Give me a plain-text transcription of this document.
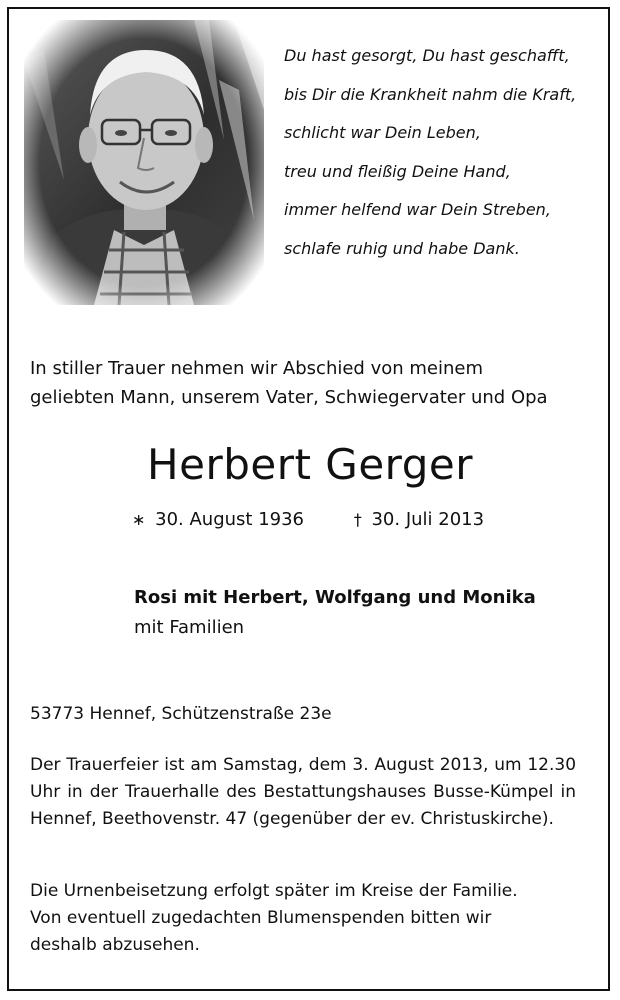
Du hast gesorgt, Du hast geschafft,
bis Dir die Krankheit nahm die Kraft,
schlicht war Dein Leben,
treu und fleißig Deine Hand,
immer helfend war Dein Streben,
schlafe ruhig und habe Dank.
In stiller Trauer nehmen wir Abschied von meinem
geliebten Mann, unserem Vater, Schwiegervater und Opa
Herbert Gerger
∗ 30. August 1936	† 30. Juli 2013
Rosi mit Herbert, Wolfgang und Monika
mit Familien
53773 Hennef, Schützenstraße 23e
Der Trauerfeier ist am Samstag, dem 3. August 2013, um 12.30 Uhr in der Trauerhalle des Bestattungshauses Busse-Kümpel in Hennef, Beethovenstr. 47 (gegenüber der ev. Christuskirche).
Die Urnenbeisetzung erfolgt später im Kreise der Familie.
Von eventuell zugedachten Blumenspenden bitten wir
deshalb abzusehen.
